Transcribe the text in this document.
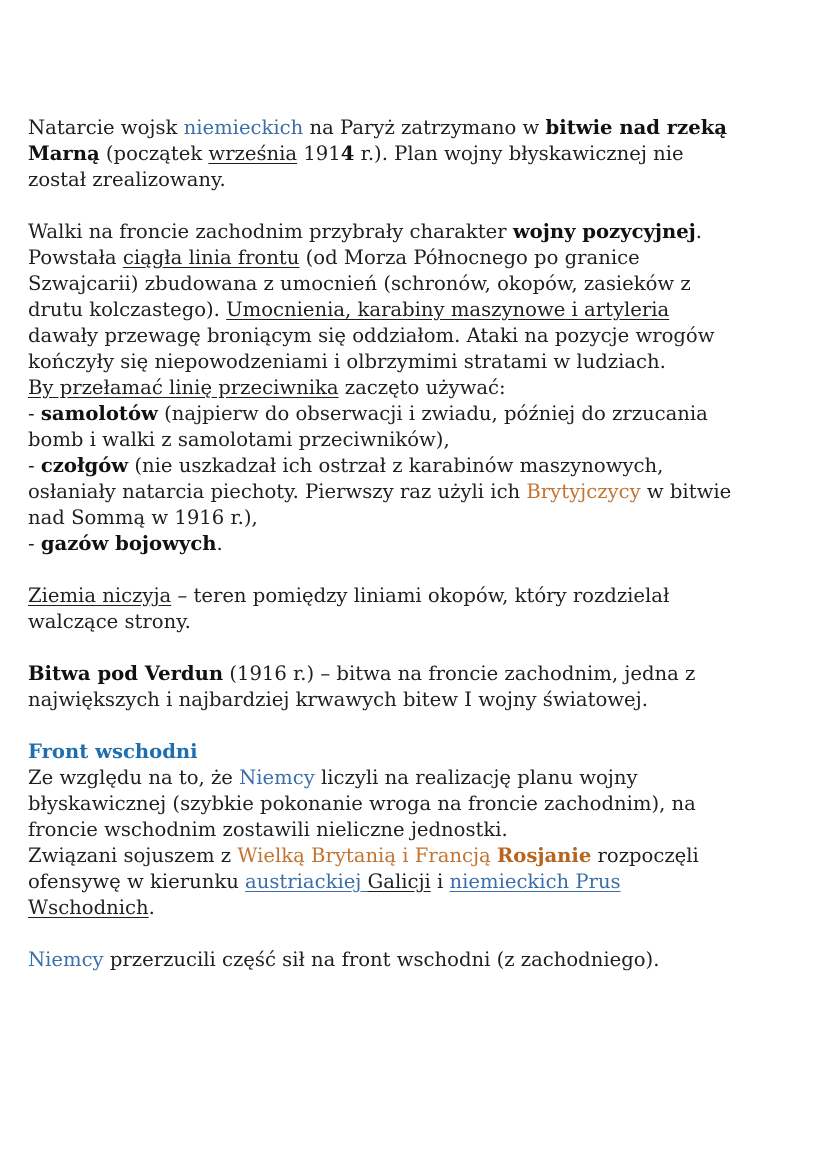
Natarcie wojsk niemieckich na Paryż zatrzymano w bitwie nad rzeką
Marną (początek września 1914 r.). Plan wojny błyskawicznej nie
został zrealizowany.
Walki na froncie zachodnim przybrały charakter wojny pozycyjnej.
Powstała ciągła linia frontu (od Morza Północnego po granice
Szwajcarii) zbudowana z umocnień (schronów, okopów, zasieków z
drutu kolczastego). Umocnienia, karabiny maszynowe i artyleria
dawały przewagę broniącym się oddziałom. Ataki na pozycje wrogów
kończyły się niepowodzeniami i olbrzymimi stratami w ludziach.
By przełamać linię przeciwnika zaczęto używać:
- samolotów (najpierw do obserwacji i zwiadu, później do zrzucania
bomb i walki z samolotami przeciwników),
- czołgów (nie uszkadzał ich ostrzał z karabinów maszynowych,
osłaniały natarcia piechoty. Pierwszy raz użyli ich Brytyjczycy w bitwie
nad Sommą w 1916 r.),
- gazów bojowych.
Ziemia niczyja – teren pomiędzy liniami okopów, który rozdzielał
walczące strony.
Bitwa pod Verdun (1916 r.) – bitwa na froncie zachodnim, jedna z
największych i najbardziej krwawych bitew I wojny światowej.
Front wschodni
Ze względu na to, że Niemcy liczyli na realizację planu wojny
błyskawicznej (szybkie pokonanie wroga na froncie zachodnim), na
froncie wschodnim zostawili nieliczne jednostki.
Związani sojuszem z Wielką Brytanią i Francją Rosjanie rozpoczęli
ofensywę w kierunku austriackiej Galicji i niemieckich Prus
Wschodnich.
Niemcy przerzucili część sił na front wschodni (z zachodniego).
